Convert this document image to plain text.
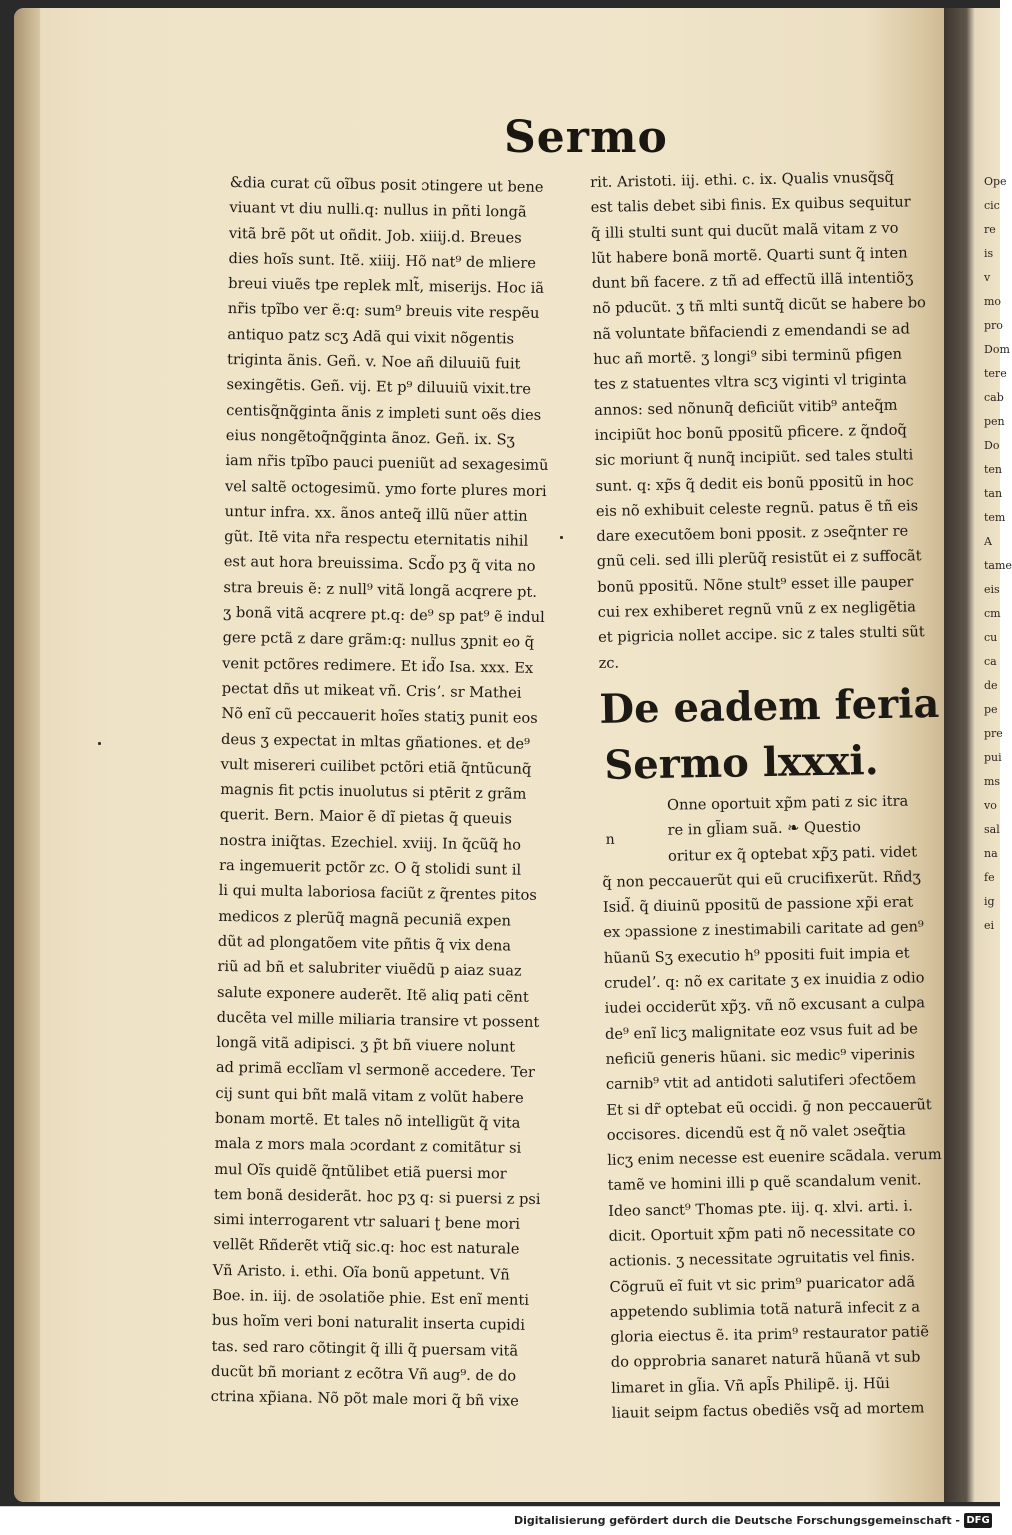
Ope
cic
re
is
v
mo
pro
Dom
tere
cab
pen
Do
ten
tan
tem
A
tame
eis
cm
cu
ca
de
pe
pre
pui
ms
vo
sal
na
fe
ig
ei
Sermo
&dia curat cũ oĩbus posit ɔtingere ut bene
viuant vt diu nulli.q: nullus in pñti longã
vitã brẽ põt ut oñdit. Job. xiiij.d. Breues
dies hoĩs sunt. Itẽ. xiiij. Hõ nat⁹ de mliere
breui viuẽs tpe replek mlt̃, miserijs. Hoc iã
nr̃is tpĩbo ver ẽ:q: sum⁹ breuis vite respẽu
antiquo patz scʒ Adã qui vixit nõgentis
triginta ãnis. Geñ. v. Noe añ diluuiũ fuit
sexingẽtis. Geñ. vij. Et p⁹ diluuiũ vixit.tre
centisq̃nq̃ginta ãnis z impleti sunt oẽs dies
eius nongẽtoq̃nq̃ginta ãnoz. Geñ. ix. Sʒ
iam nr̃is tpĩbo pauci pueniũt ad sexagesimũ
vel saltẽ octogesimũ. ymo forte plures mori
untur infra. xx. ãnos anteq̃ illũ nũer attin
gũt. Itẽ vita nr̃a respectu eternitatis nihil
est aut hora breuissima. Scd̃o pʒ q̃ vita no
stra breuis ẽ: z null⁹ vitã longã acqrere pt.
ʒ bonã vitã acqrere pt.q: de⁹ sp pat⁹ ẽ indul
gere pctã z dare grãm:q: nullus ʒpnit eo q̃
venit pctõres redimere. Et id̃o Isa. xxx. Ex
pectat dñs ut mikeat vñ. Crisʼ. sr Mathei
Nõ enĩ cũ peccauerit hoĩes statiʒ punit eos
deus ʒ expectat in mltas gñationes. et de⁹
vult misereri cuilibet pctõri etiã q̃ntũcunq̃
magnis fit pctis inuolutus si ptērit z grãm
querit. Bern. Maior ẽ dĩ pietas q̃ queuis
nostra iniq̃tas. Ezechiel. xviij. In q̃cũq̃ ho
ra ingemuerit pctõr zc. O q̃ stolidi sunt il
li qui multa laboriosa faciũt z q̃rentes pitos
medicos z plerũq̃ magnã pecuniã expen
dũt ad plongatõem vite pñtis q̃ vix dena
riũ ad bñ et salubriter viuẽdũ p aiaz suaz
salute exponere auderẽt. Itẽ aliq pati cẽnt
ducẽta vel mille miliaria transire vt possent
longã vitã adipisci. ʒ p̃t bñ viuere nolunt
ad primã ecclĩam vl sermonẽ accedere. Ter
cij sunt qui bñt malã vitam z volũt habere
bonam mortẽ. Et tales nõ intelligũt q̃ vita
mala z mors mala ɔcordant z comitãtur si
mul Oĩs quidẽ q̃ntũlibet etiã puersi mor
tem bonã desiderãt. hoc pʒ q: si puersi z psi
simi interrogarent vtr saluari ʈ bene mori
vellẽt Rñderẽt vtiq̃ sic.q: hoc est naturale
Vñ Aristo. i. ethi. Oĩa bonũ appetunt. Vñ
Boe. in. iij. de ɔsolatiõe phie. Est enĩ menti
bus hoĩm veri boni naturalit inserta cupidi
tas. sed raro cõtingit q̃ illi q̃ puersam vitã
ducũt bñ moriant z ecõtra Vñ aug⁹. de do
ctrina xp̃iana. Nõ põt male mori q̃ bñ vixe
rit. Aristoti. iij. ethi. c. ix. Qualis vnusq̃sq̃
est talis debet sibi finis. Ex quibus sequitur
q̃ illi stulti sunt qui ducũt malã vitam z vo
lũt habere bonã mortẽ. Quarti sunt q̃ inten
dunt bñ facere. z tñ ad effectũ illã intentiõʒ
nõ pducũt. ʒ tñ mlti suntq̃ dicũt se habere bo
nã voluntate bñfaciendi z emendandi se ad
huc añ mortẽ. ʒ longi⁹ sibi terminũ pfigen
tes z statuentes vltra scʒ viginti vl triginta
annos: sed nõnunq̃ deficiũt vitib⁹ anteq̃m
incipiũt hoc bonũ ppositũ pficere. z q̃ndoq̃
sic moriunt q̃ nunq̃ incipiũt. sed tales stulti
sunt. q: xp̃s q̃ dedit eis bonũ ppositũ in hoc
eis nõ exhibuit celeste regnũ. patus ẽ tñ eis
dare executõem boni pposit. z ɔseq̃nter re
gnũ celi. sed illi plerũq̃ resistũt ei z suffocãt
bonũ ppositũ. Nõne stult⁹ esset ille pauper
cui rex exhiberet regnũ vnũ z ex negligẽtia
et pigricia nollet accipe. sic z tales stulti sũt
zc.
De eadem feria
Sermo lxxxi.
n
Onne oportuit xp̃m pati z sic itra
re in gl̃iam suã. ❧ Questio
oritur ex q̃ optebat xp̃ʒ pati. videt
q̃ non peccauerũt qui eũ crucifixerũt. Rñdʒ
Isid̃. q̃ diuinũ ppositũ de passione xp̃i erat
ex ɔpassione z inestimabili caritate ad gen⁹
hũanũ Sʒ executio h⁹ ppositi fuit impia et
crudelʼ. q: nõ ex caritate ʒ ex inuidia z odio
iudei occiderũt xp̃ʒ. vñ nõ excusant a culpa
de⁹ enĩ licʒ malignitate eoz vsus fuit ad be
neficiũ generis hũani. sic medic⁹ viperinis
carnib⁹ vtit ad antidoti salutiferi ɔfectõem
Et si dr̃ optebat eũ occidi. ḡ non peccauerũt
occisores. dicendũ est q̃ nõ valet ɔseq̃tia
licʒ enim necesse est euenire scãdala. verum
tamẽ ve homini illi p quẽ scandalum venit.
Ideo sanct⁹ Thomas pte. iij. q. xlvi. arti. i.
dicit. Oportuit xp̃m pati nõ necessitate co
actionis. ʒ necessitate ɔgruitatis vel finis.
Cõgruũ eĩ fuit vt sic prim⁹ puaricator adã
appetendo sublimia totã naturã infecit z a
gloria eiectus ẽ. ita prim⁹ restaurator patiẽ
do opprobria sanaret naturã hũanã vt sub
limaret in gl̃ia. Vñ apl̃s Philipẽ. ij. Hũi
liauit seipm factus obediẽs vsq̃ ad mortem
Digitalisierung gefördert durch die Deutsche Forschungsgemeinschaft - DFG
